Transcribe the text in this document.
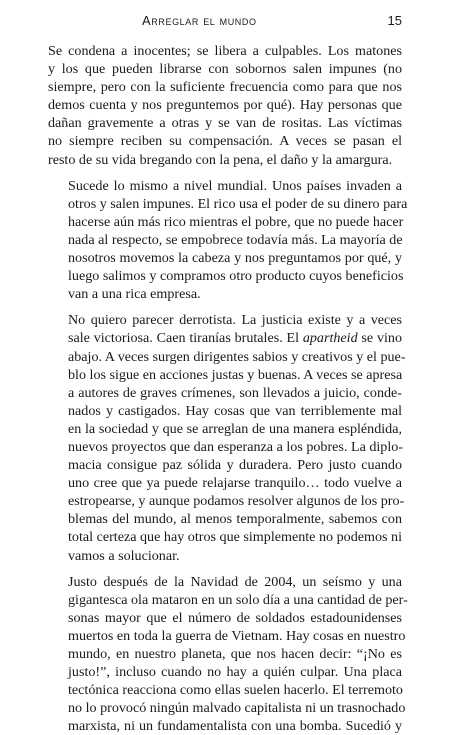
Arreglar el mundo	15

Se condena a inocentes; se libera a culpables. Los matones
y los que pueden librarse con sobornos salen impunes (no
siempre, pero con la suficiente frecuencia como para que nos
demos cuenta y nos preguntemos por qué). Hay personas que
dañan gravemente a otras y se van de rositas. Las víctimas
no siempre reciben su compensación. A veces se pasan el
resto de su vida bregando con la pena, el daño y la amargura.

Sucede lo mismo a nivel mundial. Unos países invaden a
otros y salen impunes. El rico usa el poder de su dinero para
hacerse aún más rico mientras el pobre, que no puede hacer
nada al respecto, se empobrece todavía más. La mayoría de
nosotros movemos la cabeza y nos preguntamos por qué, y
luego salimos y compramos otro producto cuyos beneficios
van a una rica empresa.

No quiero parecer derrotista. La justicia existe y a veces
sale victoriosa. Caen tiranías brutales. El apartheid se vino
abajo. A veces surgen dirigentes sabios y creativos y el pue-
blo los sigue en acciones justas y buenas. A veces se apresa
a autores de graves crímenes, son llevados a juicio, conde-
nados y castigados. Hay cosas que van terriblemente mal
en la sociedad y que se arreglan de una manera espléndida,
nuevos proyectos que dan esperanza a los pobres. La diplo-
macia consigue paz sólida y duradera. Pero justo cuando
uno cree que ya puede relajarse tranquilo… todo vuelve a
estropearse, y aunque podamos resolver algunos de los pro-
blemas del mundo, al menos temporalmente, sabemos con
total certeza que hay otros que simplemente no podemos ni
vamos a solucionar.

Justo después de la Navidad de 2004, un seísmo y una
gigantesca ola mataron en un solo día a una cantidad de per-
sonas mayor que el número de soldados estadounidenses
muertos en toda la guerra de Vietnam. Hay cosas en nuestro
mundo, en nuestro planeta, que nos hacen decir: “¡No es
justo!”, incluso cuando no hay a quién culpar. Una placa
tectónica reacciona como ellas suelen hacerlo. El terremoto
no lo provocó ningún malvado capitalista ni un trasnochado
marxista, ni un fundamentalista con una bomba. Sucedió y
